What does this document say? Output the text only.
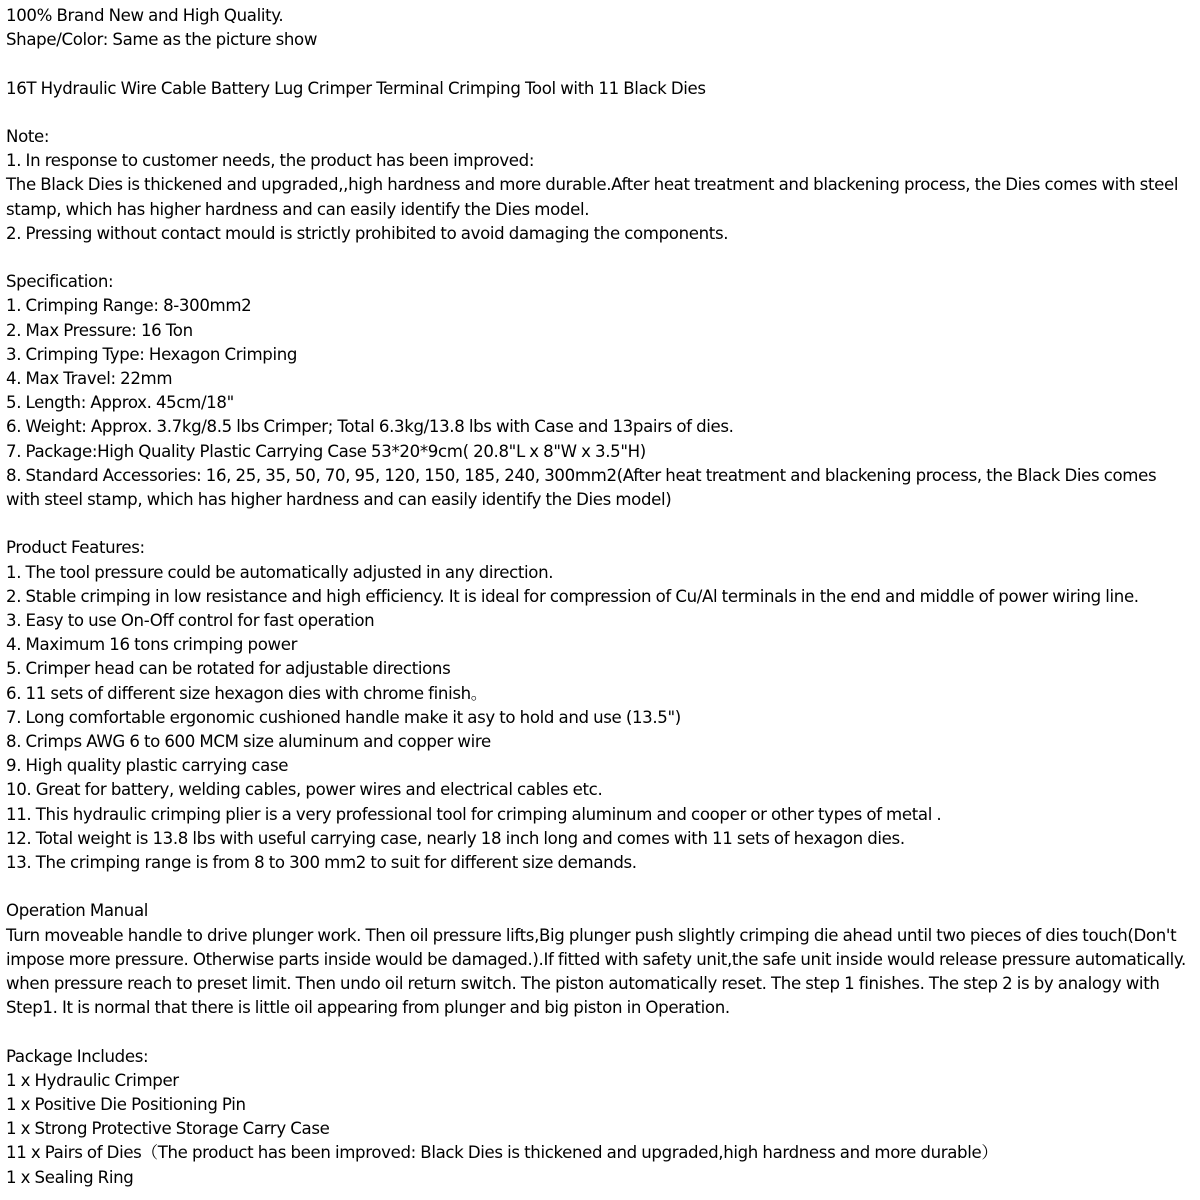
100% Brand New and High Quality.

Shape/Color: Same as the picture show

16T Hydraulic Wire Cable Battery Lug Crimper Terminal Crimping Tool with 11 Black Dies

Note:

1. In response to customer needs, the product has been improved:

The Black Dies is thickened and upgraded,,high hardness and more durable.After heat treatment and blackening process, the Dies comes with steel stamp, which has higher hardness and can easily identify the Dies model.

2. Pressing without contact mould is strictly prohibited to avoid damaging the components.

Specification:

1. Crimping Range: 8-300mm2

2. Max Pressure: 16 Ton

3. Crimping Type: Hexagon Crimping

4. Max Travel: 22mm

5. Length: Approx. 45cm/18"

6. Weight: Approx. 3.7kg/8.5 lbs Crimper; Total 6.3kg/13.8 lbs with Case and 13pairs of dies.

7. Package:High Quality Plastic Carrying Case 53*20*9cm( 20.8"L x 8"W x 3.5"H)

8. Standard Accessories: 16, 25, 35, 50, 70, 95, 120, 150, 185, 240, 300mm2(After heat treatment and blackening process, the Black Dies comes with steel stamp, which has higher hardness and can easily identify the Dies model)

Product Features:

1. The tool pressure could be automatically adjusted in any direction.

2. Stable crimping in low resistance and high efficiency. It is ideal for compression of Cu/Al terminals in the end and middle of power wiring line.

3. Easy to use On-Off control for fast operation

4. Maximum 16 tons crimping power

5. Crimper head can be rotated for adjustable directions

6. 11 sets of different size hexagon dies with chrome finish。

7. Long comfortable ergonomic cushioned handle make it asy to hold and use (13.5")

8. Crimps AWG 6 to 600 MCM size aluminum and copper wire

9. High quality plastic carrying case

10. Great for battery, welding cables, power wires and electrical cables etc.

11. This hydraulic crimping plier is a very professional tool for crimping aluminum and cooper or other types of metal .

12. Total weight is 13.8 lbs with useful carrying case, nearly 18 inch long and comes with 11 sets of hexagon dies.

13. The crimping range is from 8 to 300 mm2 to suit for different size demands.

Operation Manual

Turn moveable handle to drive plunger work. Then oil pressure lifts,Big plunger push slightly crimping die ahead until two pieces of dies touch(Don't impose more pressure. Otherwise parts inside would be damaged.).If fitted with safety unit,the safe unit inside would release pressure automatically. when pressure reach to preset limit. Then undo oil return switch. The piston automatically reset. The step 1 finishes. The step 2 is by analogy with Step1. It is normal that there is little oil appearing from plunger and big piston in Operation.

Package Includes:

1 x Hydraulic Crimper

1 x Positive Die Positioning Pin

1 x Strong Protective Storage Carry Case

11 x Pairs of Dies（The product has been improved: Black Dies is thickened and upgraded,high hardness and more durable）

1 x Sealing Ring
